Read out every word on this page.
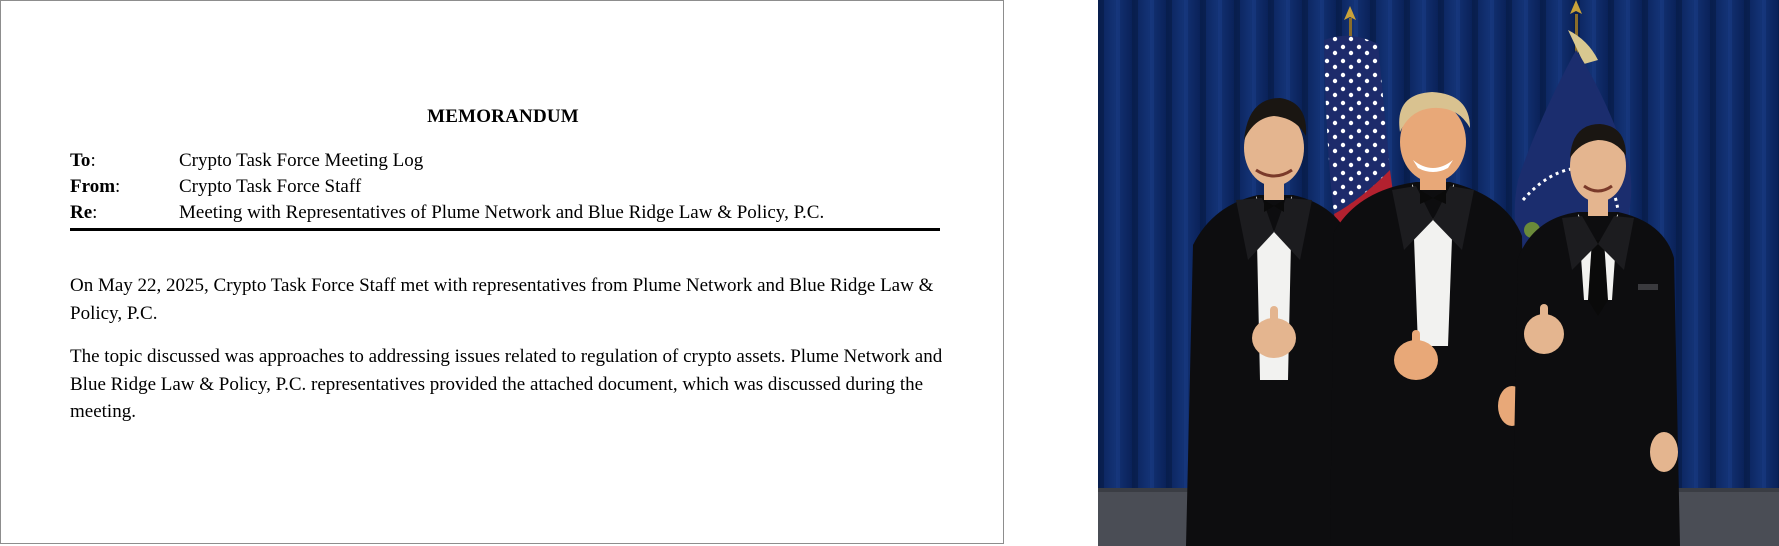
MEMORANDUM
To:	Crypto Task Force Meeting Log
From:	Crypto Task Force Staff
Re:	Meeting with Representatives of Plume Network and Blue Ridge Law & Policy, P.C.
On May 22, 2025, Crypto Task Force Staff met with representatives from Plume Network and Blue Ridge Law & Policy, P.C.
The topic discussed was approaches to addressing issues related to regulation of crypto assets. Plume Network and Blue Ridge Law & Policy, P.C. representatives provided the attached document, which was discussed during the meeting.
